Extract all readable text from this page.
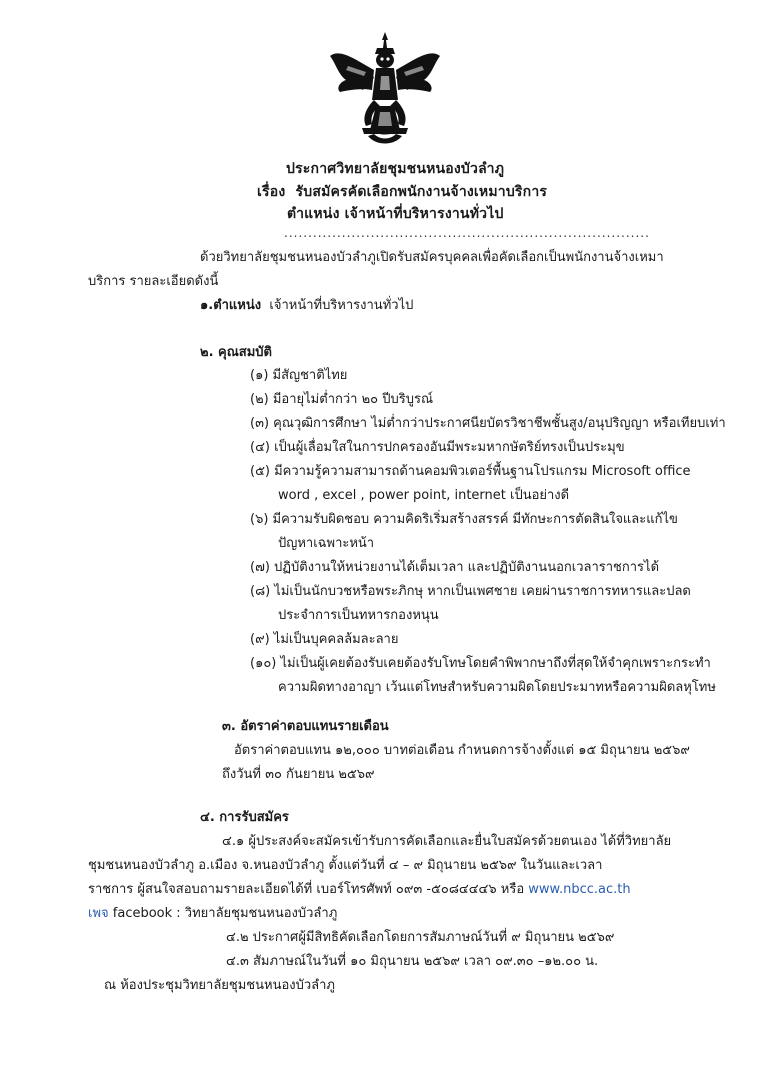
ประกาศวิทยาลัยชุมชนหนองบัวลำภู
เรื่อง รับสมัครคัดเลือกพนักงานจ้างเหมาบริการ
ตำแหน่ง เจ้าหน้าที่บริหารงานทั่วไป
............................................................................
ด้วยวิทยาลัยชุมชนหนองบัวลำภูเปิดรับสมัครบุคคลเพื่อคัดเลือกเป็นพนักงานจ้างเหมา
บริการ รายละเอียดดังนี้
๑.ตำแหน่ง เจ้าหน้าที่บริหารงานทั่วไป
๒. คุณสมบัติ
(๑) มีสัญชาติไทย
(๒) มีอายุไม่ต่ำกว่า ๒๐ ปีบริบูรณ์
(๓) คุณวุฒิการศึกษา ไม่ต่ำกว่าประกาศนียบัตรวิชาชีพชั้นสูง/อนุปริญญา หรือเทียบเท่า
(๔) เป็นผู้เลื่อมใสในการปกครองอันมีพระมหากษัตริย์ทรงเป็นประมุข
(๕) มีความรู้ความสามารถด้านคอมพิวเตอร์พื้นฐานโปรแกรม Microsoft office
word , excel , power point, internet เป็นอย่างดี
(๖) มีความรับผิดชอบ ความคิดริเริ่มสร้างสรรค์ มีทักษะการตัดสินใจและแก้ไข
ปัญหาเฉพาะหน้า
(๗) ปฏิบัติงานให้หน่วยงานได้เต็มเวลา และปฏิบัติงานนอกเวลาราชการได้
(๘) ไม่เป็นนักบวชหรือพระภิกษุ หากเป็นเพศชาย เคยผ่านราชการทหารและปลด
ประจำการเป็นทหารกองหนุน
(๙) ไม่เป็นบุคคลล้มละลาย
(๑๐) ไม่เป็นผู้เคยต้องรับเคยต้องรับโทษโดยคำพิพากษาถึงที่สุดให้จำคุกเพราะกระทำ
ความผิดทางอาญา เว้นแต่โทษสำหรับความผิดโดยประมาทหรือความผิดลหุโทษ
๓. อัตราค่าตอบแทนรายเดือน
อัตราค่าตอบแทน ๑๒,๐๐๐ บาทต่อเดือน กำหนดการจ้างตั้งแต่ ๑๕ มิถุนายน ๒๕๖๙
ถึงวันที่ ๓๐ กันยายน ๒๕๖๙
๔. การรับสมัคร
๔.๑ ผู้ประสงค์จะสมัครเข้ารับการคัดเลือกและยื่นใบสมัครด้วยตนเอง ได้ที่วิทยาลัย
ชุมชนหนองบัวลำภู อ.เมือง จ.หนองบัวลำภู ตั้งแต่วันที่ ๔ – ๙ มิถุนายน ๒๕๖๙ ในวันและเวลา
ราชการ ผู้สนใจสอบถามรายละเอียดได้ที่ เบอร์โทรศัพท์ ๐๙๓ -๕๐๘๔๔๔๖ หรือ www.nbcc.ac.th
เพจ facebook : วิทยาลัยชุมชนหนองบัวลำภู
๔.๒ ประกาศผู้มีสิทธิคัดเลือกโดยการสัมภาษณ์วันที่ ๙ มิถุนายน ๒๕๖๙
๔.๓ สัมภาษณ์ในวันที่ ๑๐ มิถุนายน ๒๕๖๙ เวลา ๐๙.๓๐ –๑๒.๐๐ น.
ณ ห้องประชุมวิทยาลัยชุมชนหนองบัวลำภู
